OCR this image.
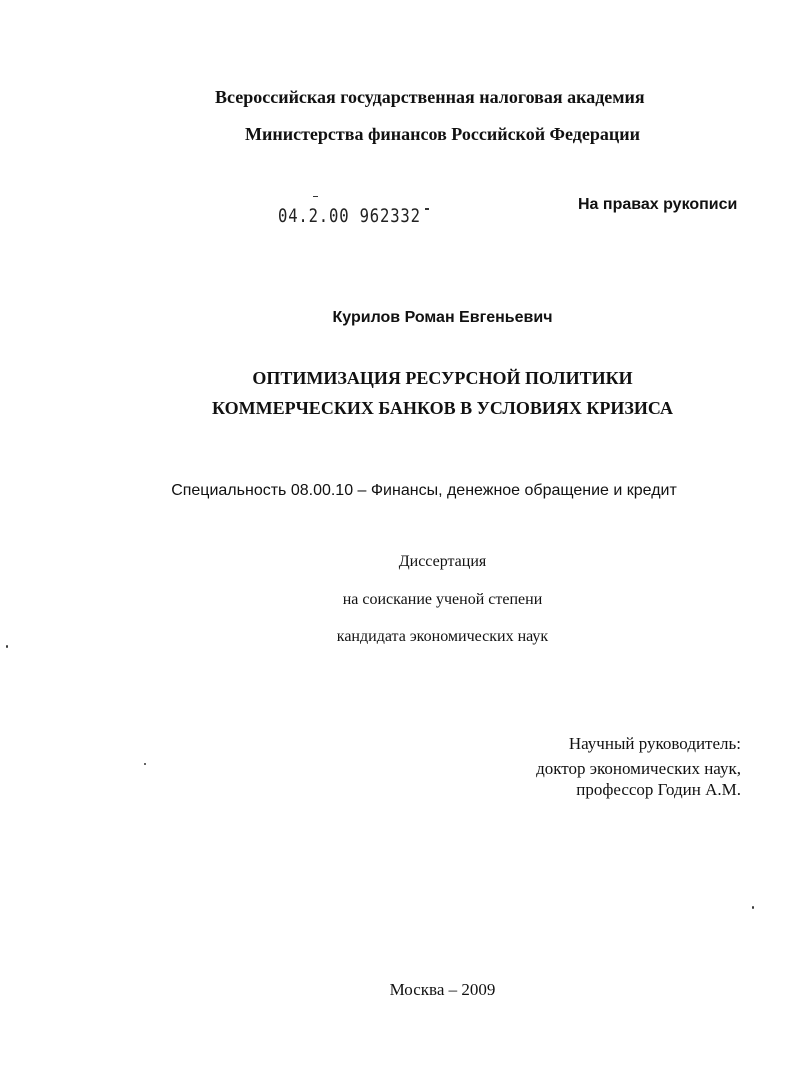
Всероссийская государственная налоговая академия
Министерства финансов Российской Федерации
04.2.00 962332
На правах рукописи
Курилов Роман Евгеньевич
ОПТИМИЗАЦИЯ РЕСУРСНОЙ ПОЛИТИКИ
КОММЕРЧЕСКИХ БАНКОВ В УСЛОВИЯХ КРИЗИСА
Специальность 08.00.10 – Финансы, денежное обращение и кредит
Диссертация
на соискание ученой степени
кандидата экономических наук
Научный руководитель:
доктор экономических наук,
профессор Годин А.М.
Москва – 2009
